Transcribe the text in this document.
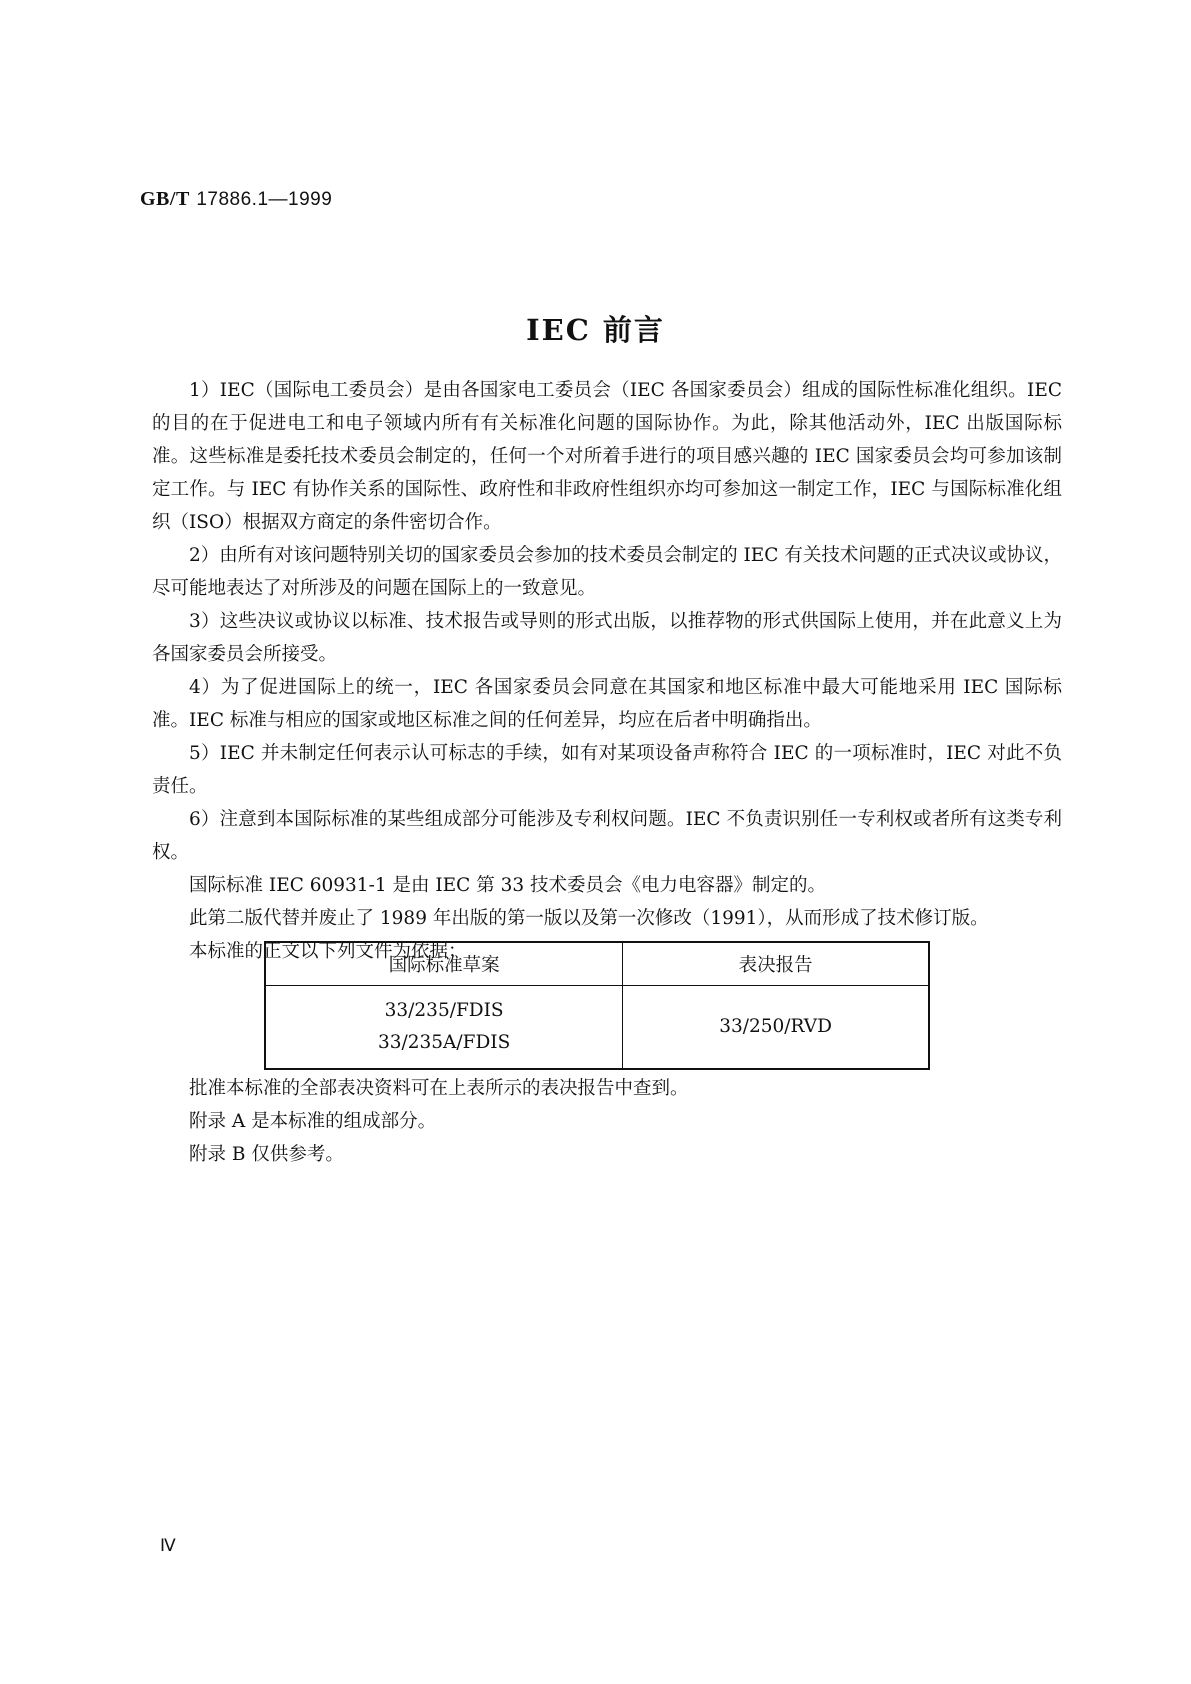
GB/T 17886.1—1999
IEC 前言

1）IEC（国际电工委员会）是由各国家电工委员会（IEC 各国家委员会）组成的国际性标准化组织。IEC 的目的在于促进电工和电子领域内所有有关标准化问题的国际协作。为此，除其他活动外，IEC 出版国际标准。这些标准是委托技术委员会制定的，任何一个对所着手进行的项目感兴趣的 IEC 国家委员会均可参加该制定工作。与 IEC 有协作关系的国际性、政府性和非政府性组织亦均可参加这一制定工作，IEC 与国际标准化组织（ISO）根据双方商定的条件密切合作。

2）由所有对该问题特别关切的国家委员会参加的技术委员会制定的 IEC 有关技术问题的正式决议或协议，尽可能地表达了对所涉及的问题在国际上的一致意见。

3）这些决议或协议以标准、技术报告或导则的形式出版，以推荐物的形式供国际上使用，并在此意义上为各国家委员会所接受。

4）为了促进国际上的统一，IEC 各国家委员会同意在其国家和地区标准中最大可能地采用 IEC 国际标准。IEC 标准与相应的国家或地区标准之间的任何差异，均应在后者中明确指出。

5）IEC 并未制定任何表示认可标志的手续，如有对某项设备声称符合 IEC 的一项标准时，IEC 对此不负责任。

6）注意到本国际标准的某些组成部分可能涉及专利权问题。IEC 不负责识别任一专利权或者所有这类专利权。

国际标准 IEC 60931-1 是由 IEC 第 33 技术委员会《电力电容器》制定的。

此第二版代替并废止了 1989 年出版的第一版以及第一次修改（1991），从而形成了技术修订版。

本标准的正文以下列文件为依据：

国际标准草案	表决报告

33/235/FDIS
33/235A/FDIS	33/250/RVD

批准本标准的全部表决资料可在上表所示的表决报告中查到。

附录 A 是本标准的组成部分。

附录 B 仅供参考。

Ⅳ
